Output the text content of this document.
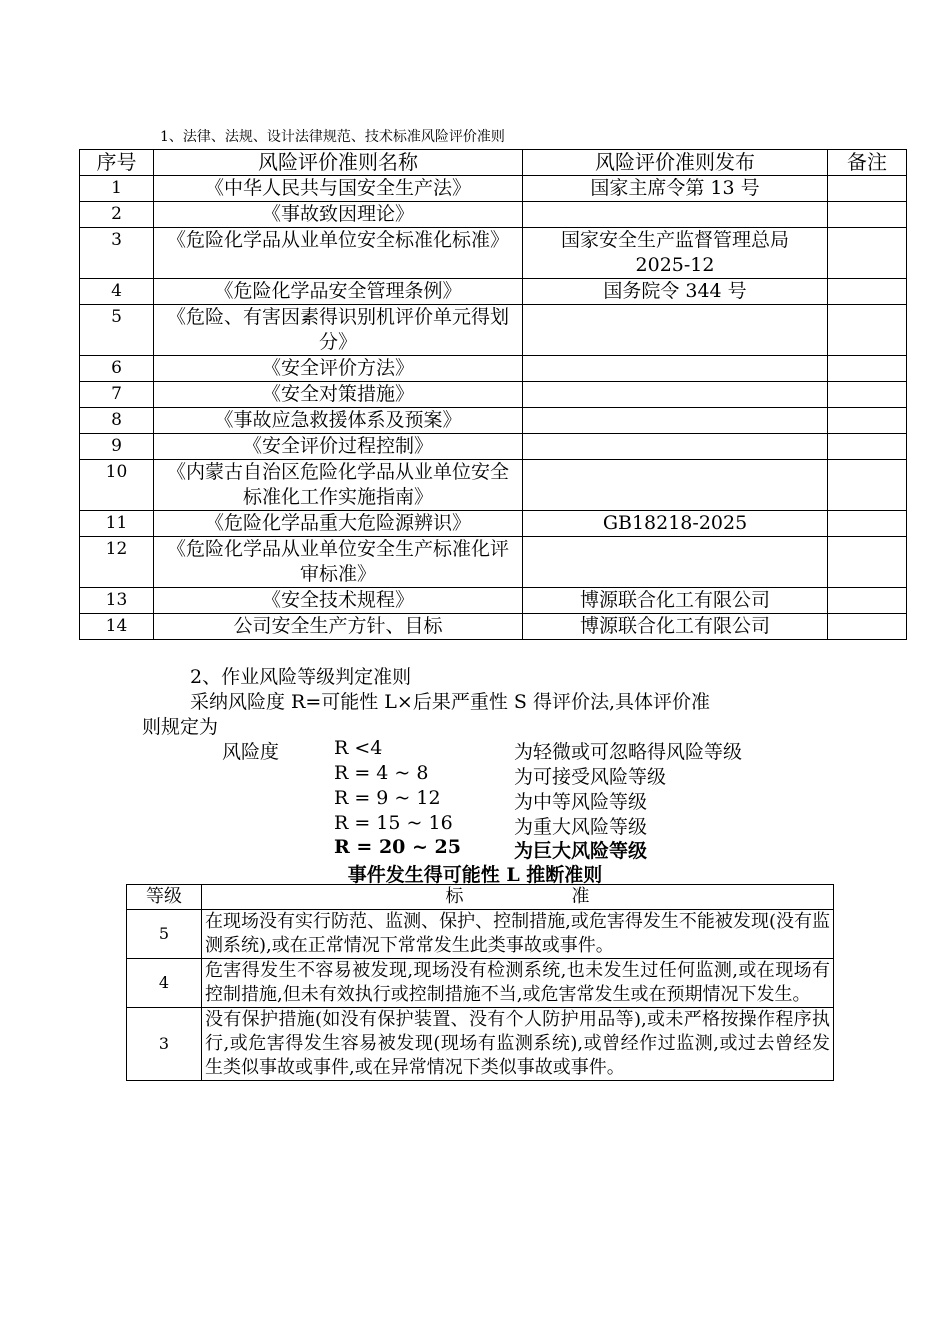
1、法律、法规、设计法律规范、技术标准风险评价准则
序号	风险评价准则名称	风险评价准则发布	备注
1	《中华人民共与国安全生产法》	国家主席令第 13 号	
2	《事故致因理论》		
3	《危险化学品从业单位安全标准化标准》	国家安全生产监督管理总局 2025-12	
4	《危险化学品安全管理条例》	国务院令 344 号	
5	《危险、有害因素得识别机评价单元得划分》		
6	《安全评价方法》		
7	《安全对策措施》		
8	《事故应急救援体系及预案》		
9	《安全评价过程控制》		
10	《内蒙古自治区危险化学品从业单位安全标准化工作实施指南》		
11	《危险化学品重大危险源辨识》	GB18218-2025	
12	《危险化学品从业单位安全生产标准化评审标准》		
13	《安全技术规程》	博源联合化工有限公司	
14	公司安全生产方针、目标	博源联合化工有限公司	
2、作业风险等级判定准则
采纳风险度 R=可能性 L×后果严重性 S 得评价法,具体评价准
则规定为
风险度	R <4	为轻微或可忽略得风险等级
R = 4 ~ 8	为可接受风险等级
R = 9 ~ 12	为中等风险等级
R = 15 ~ 16	为重大风险等级
R = 20 ~ 25	为巨大风险等级
事件发生得可能性 L 推断准则
等级	标　　　　　　准
5	在现场没有实行防范、监测、保护、控制措施,或危害得发生不能被发现(没有监测系统),或在正常情况下常常发生此类事故或事件。
4	危害得发生不容易被发现,现场没有检测系统,也未发生过任何监测,或在现场有控制措施,但未有效执行或控制措施不当,或危害常发生或在预期情况下发生。
3	没有保护措施(如没有保护装置、没有个人防护用品等),或未严格按操作程序执行,或危害得发生容易被发现(现场有监测系统),或曾经作过监测,或过去曾经发生类似事故或事件,或在异常情况下类似事故或事件。
